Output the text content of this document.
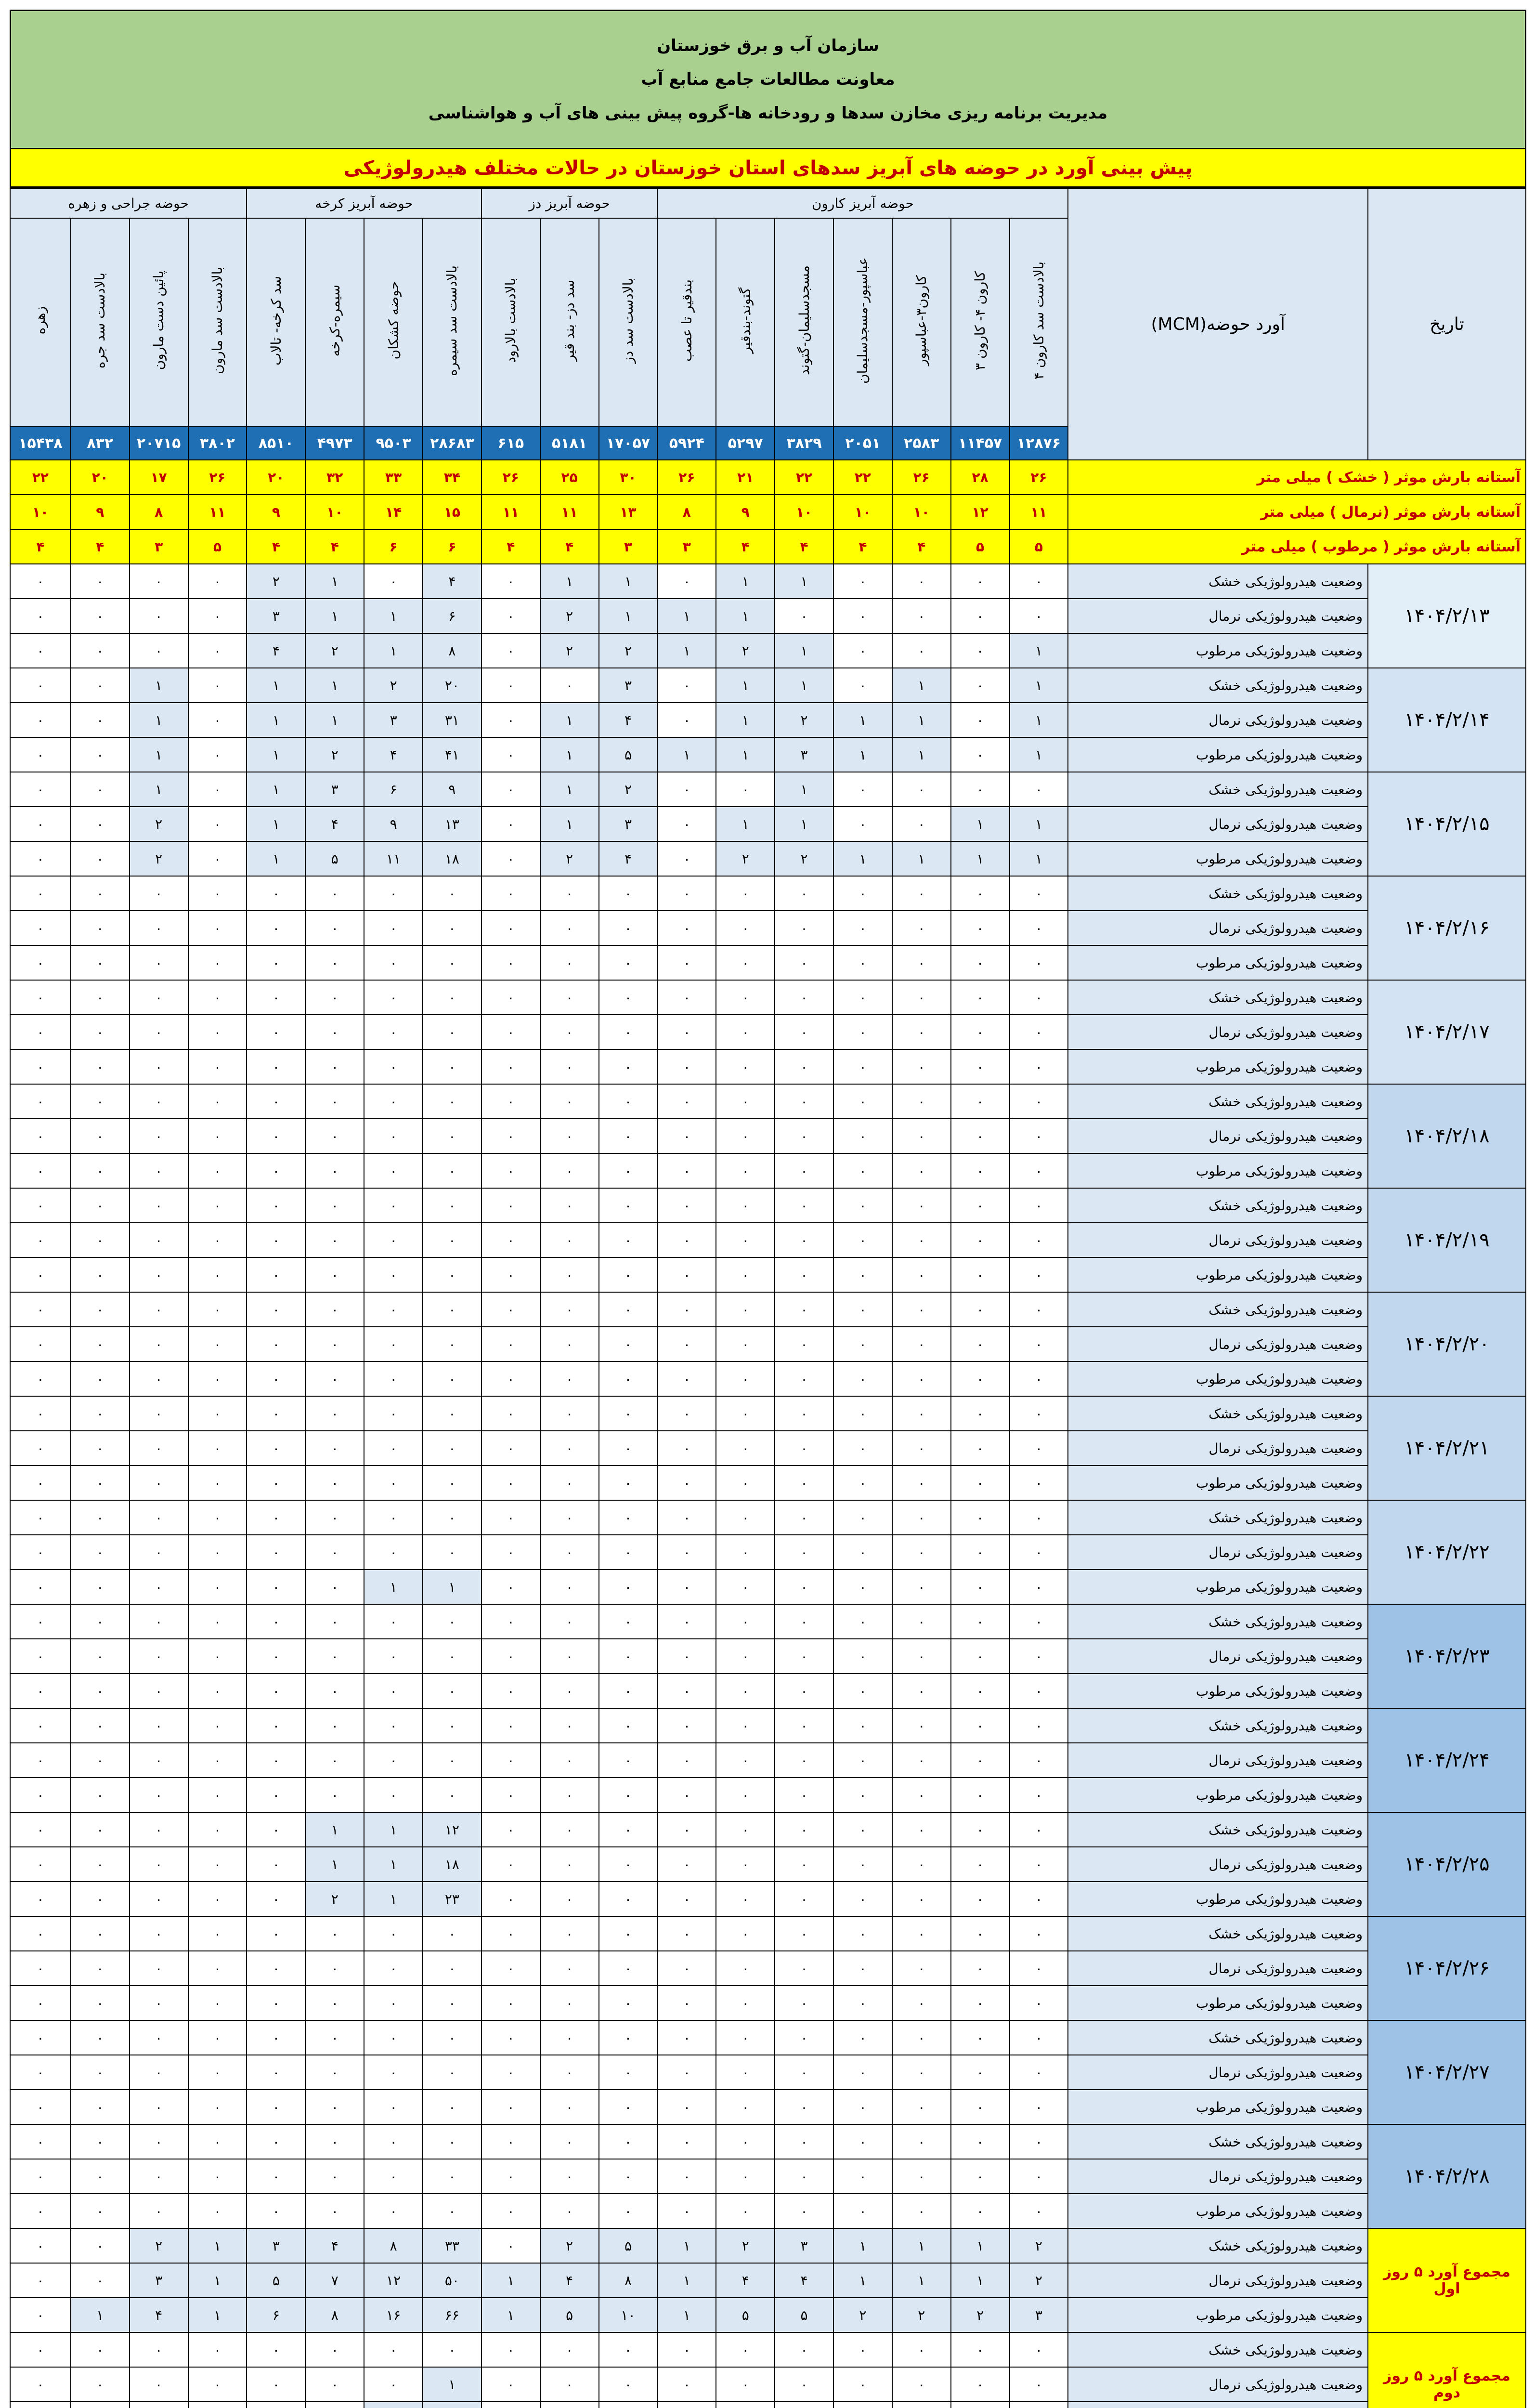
سازمان آب و برق خوزستان
معاونت مطالعات جامع منابع آب
مدیریت برنامه ریزی مخازن سدها و رودخانه ها-گروه پیش بینی های آب و هواشناسی
پیش بینی آورد در حوضه های آبریز سدهای استان خوزستان در حالات مختلف هیدرولوژیکی
تاریخ	آورد حوضه(MCM)	حوضه آبریز کارون							حوضه آبریز دز			حوضه آبریز کرخه				حوضه جراحی و زهره			
		بالادست سد کارون ۴	کارون ۴- کارون ۳	کارون۳-عباسپور	عباسپور-مسجدسلیمان	مسجدسلیمان-گتوند	گتوند-بندقیر	بندقیر تا عصب	بالادست سد دز	سد دز- بند قیر	بالادست بالارود	بالادست سد سیمره	حوضه کشکان	سیمره-کرخه	سد کرخه- تالاب	بالادست سد مارون	پائین دست مارون	بالادست سد جره	زهره
		۱۲۸۷۶	۱۱۴۵۷	۲۵۸۳	۲۰۵۱	۳۸۲۹	۵۲۹۷	۵۹۲۴	۱۷۰۵۷	۵۱۸۱	۶۱۵	۲۸۶۸۳	۹۵۰۳	۴۹۷۳	۸۵۱۰	۳۸۰۲	۲۰۷۱۵	۸۳۲	۱۵۴۳۸
آستانه بارش موثر ( خشک ) میلی متر		۲۶	۲۸	۲۶	۲۲	۲۲	۲۱	۲۶	۳۰	۲۵	۲۶	۳۴	۳۳	۳۲	۲۰	۲۶	۱۷	۲۰	۲۲
آستانه بارش موثر (نرمال ) میلی متر		۱۱	۱۲	۱۰	۱۰	۱۰	۹	۸	۱۳	۱۱	۱۱	۱۵	۱۴	۱۰	۹	۱۱	۸	۹	۱۰
آستانه بارش موثر ( مرطوب ) میلی متر		۵	۵	۴	۴	۴	۴	۳	۳	۴	۴	۶	۶	۴	۴	۵	۳	۴	۴
۱۴۰۴/۲/۱۳	وضعیت هیدرولوژیکی خشک	۰	۰	۰	۰	۱	۱	۰	۱	۱	۰	۴	۰	۱	۲	۰	۰	۰	۰
	وضعیت هیدرولوژیکی نرمال	۰	۰	۰	۰	۰	۱	۱	۱	۲	۰	۶	۱	۱	۳	۰	۰	۰	۰
	وضعیت هیدرولوژیکی مرطوب	۱	۰	۰	۰	۱	۲	۱	۲	۲	۰	۸	۱	۲	۴	۰	۰	۰	۰
۱۴۰۴/۲/۱۴	وضعیت هیدرولوژیکی خشک	۱	۰	۱	۰	۱	۱	۰	۳	۰	۰	۲۰	۲	۱	۱	۰	۱	۰	۰
	وضعیت هیدرولوژیکی نرمال	۱	۰	۱	۱	۲	۱	۰	۴	۱	۰	۳۱	۳	۱	۱	۰	۱	۰	۰
	وضعیت هیدرولوژیکی مرطوب	۱	۰	۱	۱	۳	۱	۱	۵	۱	۰	۴۱	۴	۲	۱	۰	۱	۰	۰
۱۴۰۴/۲/۱۵	وضعیت هیدرولوژیکی خشک	۰	۰	۰	۰	۱	۰	۰	۲	۱	۰	۹	۶	۳	۱	۰	۱	۰	۰
	وضعیت هیدرولوژیکی نرمال	۱	۱	۰	۰	۱	۱	۰	۳	۱	۰	۱۳	۹	۴	۱	۰	۲	۰	۰
	وضعیت هیدرولوژیکی مرطوب	۱	۱	۱	۱	۲	۲	۰	۴	۲	۰	۱۸	۱۱	۵	۱	۰	۲	۰	۰
۱۴۰۴/۲/۱۶	وضعیت هیدرولوژیکی خشک	۰	۰	۰	۰	۰	۰	۰	۰	۰	۰	۰	۰	۰	۰	۰	۰	۰	۰
	وضعیت هیدرولوژیکی نرمال	۰	۰	۰	۰	۰	۰	۰	۰	۰	۰	۰	۰	۰	۰	۰	۰	۰	۰
	وضعیت هیدرولوژیکی مرطوب	۰	۰	۰	۰	۰	۰	۰	۰	۰	۰	۰	۰	۰	۰	۰	۰	۰	۰
۱۴۰۴/۲/۱۷	وضعیت هیدرولوژیکی خشک	۰	۰	۰	۰	۰	۰	۰	۰	۰	۰	۰	۰	۰	۰	۰	۰	۰	۰
	وضعیت هیدرولوژیکی نرمال	۰	۰	۰	۰	۰	۰	۰	۰	۰	۰	۰	۰	۰	۰	۰	۰	۰	۰
	وضعیت هیدرولوژیکی مرطوب	۰	۰	۰	۰	۰	۰	۰	۰	۰	۰	۰	۰	۰	۰	۰	۰	۰	۰
۱۴۰۴/۲/۱۸	وضعیت هیدرولوژیکی خشک	۰	۰	۰	۰	۰	۰	۰	۰	۰	۰	۰	۰	۰	۰	۰	۰	۰	۰
	وضعیت هیدرولوژیکی نرمال	۰	۰	۰	۰	۰	۰	۰	۰	۰	۰	۰	۰	۰	۰	۰	۰	۰	۰
	وضعیت هیدرولوژیکی مرطوب	۰	۰	۰	۰	۰	۰	۰	۰	۰	۰	۰	۰	۰	۰	۰	۰	۰	۰
۱۴۰۴/۲/۱۹	وضعیت هیدرولوژیکی خشک	۰	۰	۰	۰	۰	۰	۰	۰	۰	۰	۰	۰	۰	۰	۰	۰	۰	۰
	وضعیت هیدرولوژیکی نرمال	۰	۰	۰	۰	۰	۰	۰	۰	۰	۰	۰	۰	۰	۰	۰	۰	۰	۰
	وضعیت هیدرولوژیکی مرطوب	۰	۰	۰	۰	۰	۰	۰	۰	۰	۰	۰	۰	۰	۰	۰	۰	۰	۰
۱۴۰۴/۲/۲۰	وضعیت هیدرولوژیکی خشک	۰	۰	۰	۰	۰	۰	۰	۰	۰	۰	۰	۰	۰	۰	۰	۰	۰	۰
	وضعیت هیدرولوژیکی نرمال	۰	۰	۰	۰	۰	۰	۰	۰	۰	۰	۰	۰	۰	۰	۰	۰	۰	۰
	وضعیت هیدرولوژیکی مرطوب	۰	۰	۰	۰	۰	۰	۰	۰	۰	۰	۰	۰	۰	۰	۰	۰	۰	۰
۱۴۰۴/۲/۲۱	وضعیت هیدرولوژیکی خشک	۰	۰	۰	۰	۰	۰	۰	۰	۰	۰	۰	۰	۰	۰	۰	۰	۰	۰
	وضعیت هیدرولوژیکی نرمال	۰	۰	۰	۰	۰	۰	۰	۰	۰	۰	۰	۰	۰	۰	۰	۰	۰	۰
	وضعیت هیدرولوژیکی مرطوب	۰	۰	۰	۰	۰	۰	۰	۰	۰	۰	۰	۰	۰	۰	۰	۰	۰	۰
۱۴۰۴/۲/۲۲	وضعیت هیدرولوژیکی خشک	۰	۰	۰	۰	۰	۰	۰	۰	۰	۰	۰	۰	۰	۰	۰	۰	۰	۰
	وضعیت هیدرولوژیکی نرمال	۰	۰	۰	۰	۰	۰	۰	۰	۰	۰	۰	۰	۰	۰	۰	۰	۰	۰
	وضعیت هیدرولوژیکی مرطوب	۰	۰	۰	۰	۰	۰	۰	۰	۰	۰	۱	۱	۰	۰	۰	۰	۰	۰
۱۴۰۴/۲/۲۳	وضعیت هیدرولوژیکی خشک	۰	۰	۰	۰	۰	۰	۰	۰	۰	۰	۰	۰	۰	۰	۰	۰	۰	۰
	وضعیت هیدرولوژیکی نرمال	۰	۰	۰	۰	۰	۰	۰	۰	۰	۰	۰	۰	۰	۰	۰	۰	۰	۰
	وضعیت هیدرولوژیکی مرطوب	۰	۰	۰	۰	۰	۰	۰	۰	۰	۰	۰	۰	۰	۰	۰	۰	۰	۰
۱۴۰۴/۲/۲۴	وضعیت هیدرولوژیکی خشک	۰	۰	۰	۰	۰	۰	۰	۰	۰	۰	۰	۰	۰	۰	۰	۰	۰	۰
	وضعیت هیدرولوژیکی نرمال	۰	۰	۰	۰	۰	۰	۰	۰	۰	۰	۰	۰	۰	۰	۰	۰	۰	۰
	وضعیت هیدرولوژیکی مرطوب	۰	۰	۰	۰	۰	۰	۰	۰	۰	۰	۰	۰	۰	۰	۰	۰	۰	۰
۱۴۰۴/۲/۲۵	وضعیت هیدرولوژیکی خشک	۰	۰	۰	۰	۰	۰	۰	۰	۰	۰	۱۲	۱	۱	۰	۰	۰	۰	۰
	وضعیت هیدرولوژیکی نرمال	۰	۰	۰	۰	۰	۰	۰	۰	۰	۰	۱۸	۱	۱	۰	۰	۰	۰	۰
	وضعیت هیدرولوژیکی مرطوب	۰	۰	۰	۰	۰	۰	۰	۰	۰	۰	۲۳	۱	۲	۰	۰	۰	۰	۰
۱۴۰۴/۲/۲۶	وضعیت هیدرولوژیکی خشک	۰	۰	۰	۰	۰	۰	۰	۰	۰	۰	۰	۰	۰	۰	۰	۰	۰	۰
	وضعیت هیدرولوژیکی نرمال	۰	۰	۰	۰	۰	۰	۰	۰	۰	۰	۰	۰	۰	۰	۰	۰	۰	۰
	وضعیت هیدرولوژیکی مرطوب	۰	۰	۰	۰	۰	۰	۰	۰	۰	۰	۰	۰	۰	۰	۰	۰	۰	۰
۱۴۰۴/۲/۲۷	وضعیت هیدرولوژیکی خشک	۰	۰	۰	۰	۰	۰	۰	۰	۰	۰	۰	۰	۰	۰	۰	۰	۰	۰
	وضعیت هیدرولوژیکی نرمال	۰	۰	۰	۰	۰	۰	۰	۰	۰	۰	۰	۰	۰	۰	۰	۰	۰	۰
	وضعیت هیدرولوژیکی مرطوب	۰	۰	۰	۰	۰	۰	۰	۰	۰	۰	۰	۰	۰	۰	۰	۰	۰	۰
۱۴۰۴/۲/۲۸	وضعیت هیدرولوژیکی خشک	۰	۰	۰	۰	۰	۰	۰	۰	۰	۰	۰	۰	۰	۰	۰	۰	۰	۰
	وضعیت هیدرولوژیکی نرمال	۰	۰	۰	۰	۰	۰	۰	۰	۰	۰	۰	۰	۰	۰	۰	۰	۰	۰
	وضعیت هیدرولوژیکی مرطوب	۰	۰	۰	۰	۰	۰	۰	۰	۰	۰	۰	۰	۰	۰	۰	۰	۰	۰
مجموع آورد ۵ روز اول	وضعیت هیدرولوژیکی خشک	۲	۱	۱	۱	۳	۲	۱	۵	۲	۰	۳۳	۸	۴	۳	۱	۲	۰	۰
	وضعیت هیدرولوژیکی نرمال	۲	۱	۱	۱	۴	۴	۱	۸	۴	۱	۵۰	۱۲	۷	۵	۱	۳	۰	۰
	وضعیت هیدرولوژیکی مرطوب	۳	۲	۲	۲	۵	۵	۱	۱۰	۵	۱	۶۶	۱۶	۸	۶	۱	۴	۱	۰
مجموع آورد ۵ روز دوم	وضعیت هیدرولوژیکی خشک	۰	۰	۰	۰	۰	۰	۰	۰	۰	۰	۰	۰	۰	۰	۰	۰	۰	۰
	وضعیت هیدرولوژیکی نرمال	۰	۰	۰	۰	۰	۰	۰	۰	۰	۰	۱	۰	۰	۰	۰	۰	۰	۰
